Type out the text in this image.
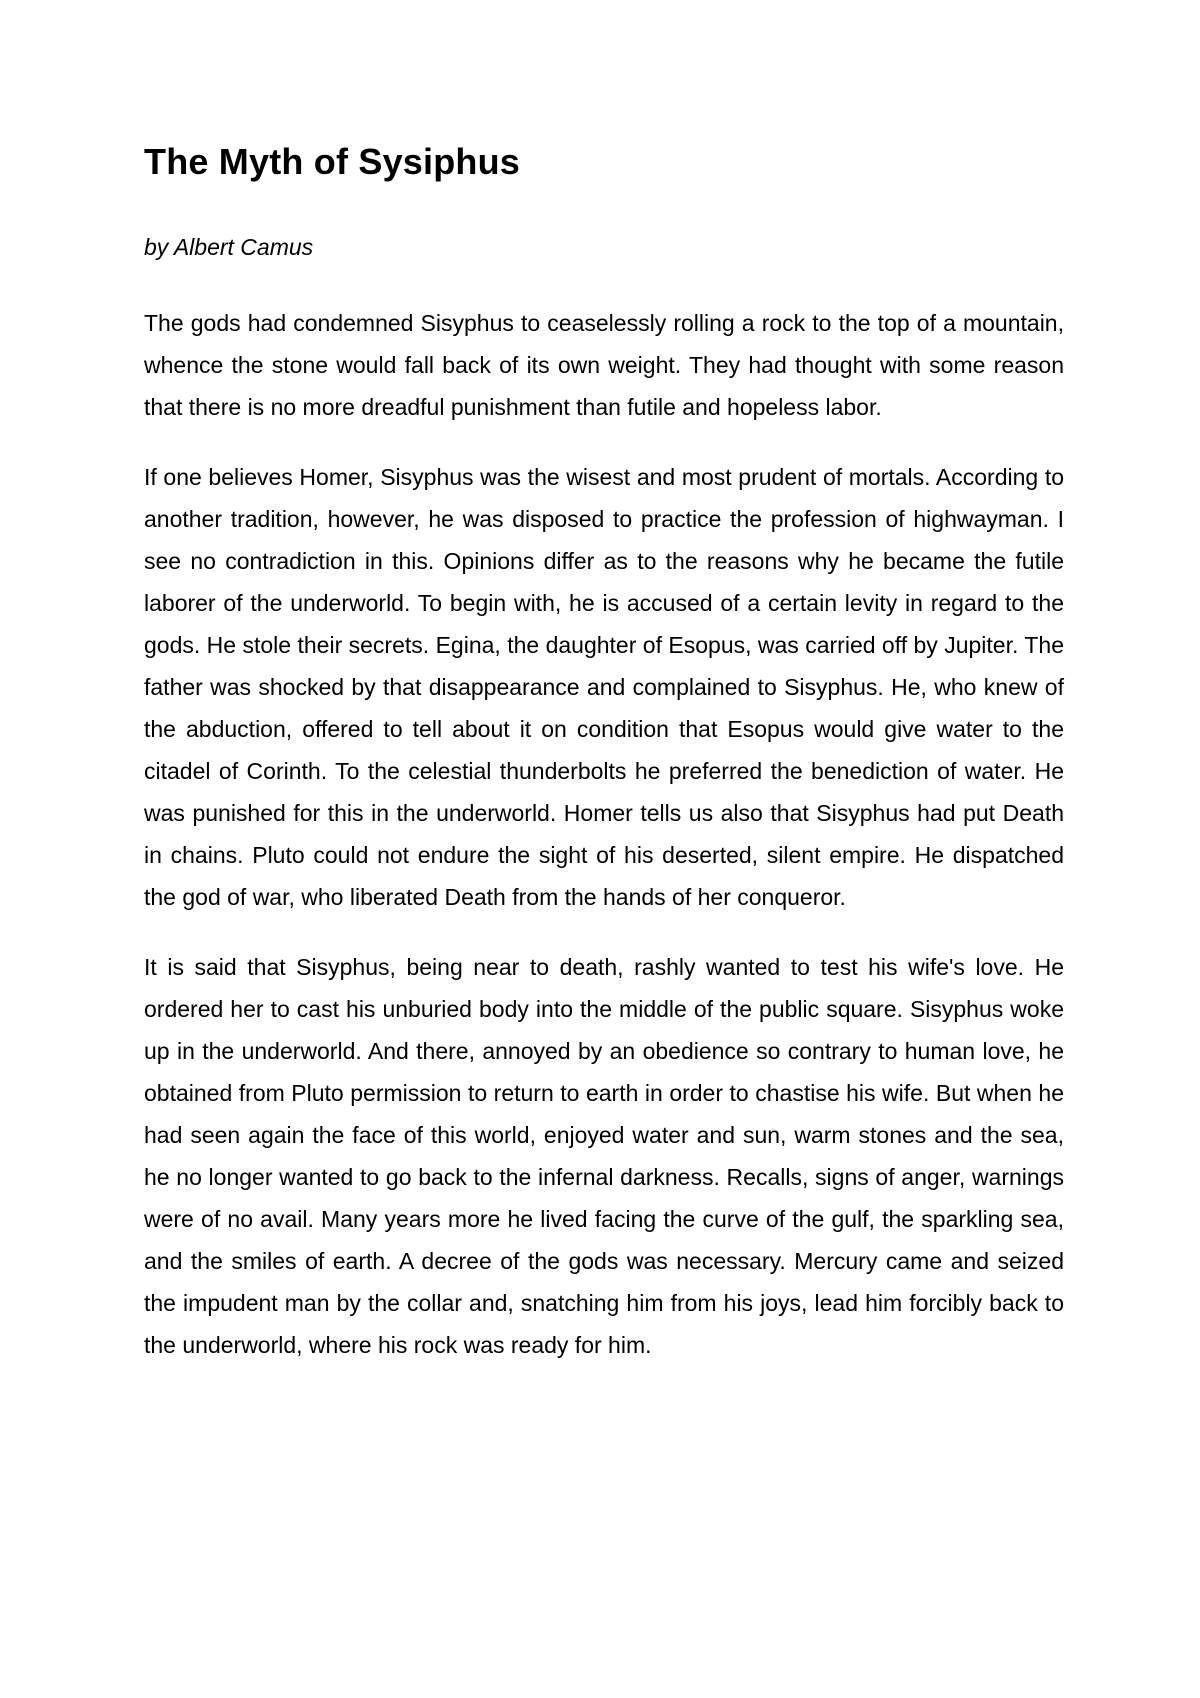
The Myth of Sysiphus

by Albert Camus

The gods had condemned Sisyphus to ceaselessly rolling a rock to the top of a mountain, whence the stone would fall back of its own weight. They had thought with some reason that there is no more dreadful punishment than futile and hopeless labor.

If one believes Homer, Sisyphus was the wisest and most prudent of mortals. According to another tradition, however, he was disposed to practice the profession of highwayman. I see no contradiction in this. Opinions differ as to the reasons why he became the futile laborer of the underworld. To begin with, he is accused of a certain levity in regard to the gods. He stole their secrets. Egina, the daughter of Esopus, was carried off by Jupiter. The father was shocked by that disappearance and complained to Sisyphus. He, who knew of the abduction, offered to tell about it on condition that Esopus would give water to the citadel of Corinth. To the celestial thunderbolts he preferred the benediction of water. He was punished for this in the underworld. Homer tells us also that Sisyphus had put Death in chains. Pluto could not endure the sight of his deserted, silent empire. He dispatched the god of war, who liberated Death from the hands of her conqueror.

It is said that Sisyphus, being near to death, rashly wanted to test his wife's love. He ordered her to cast his unburied body into the middle of the public square. Sisyphus woke up in the underworld. And there, annoyed by an obedience so contrary to human love, he obtained from Pluto permission to return to earth in order to chastise his wife. But when he had seen again the face of this world, enjoyed water and sun, warm stones and the sea, he no longer wanted to go back to the infernal darkness. Recalls, signs of anger, warnings were of no avail. Many years more he lived facing the curve of the gulf, the sparkling sea, and the smiles of earth. A decree of the gods was necessary. Mercury came and seized the impudent man by the collar and, snatching him from his joys, lead him forcibly back to the underworld, where his rock was ready for him.
